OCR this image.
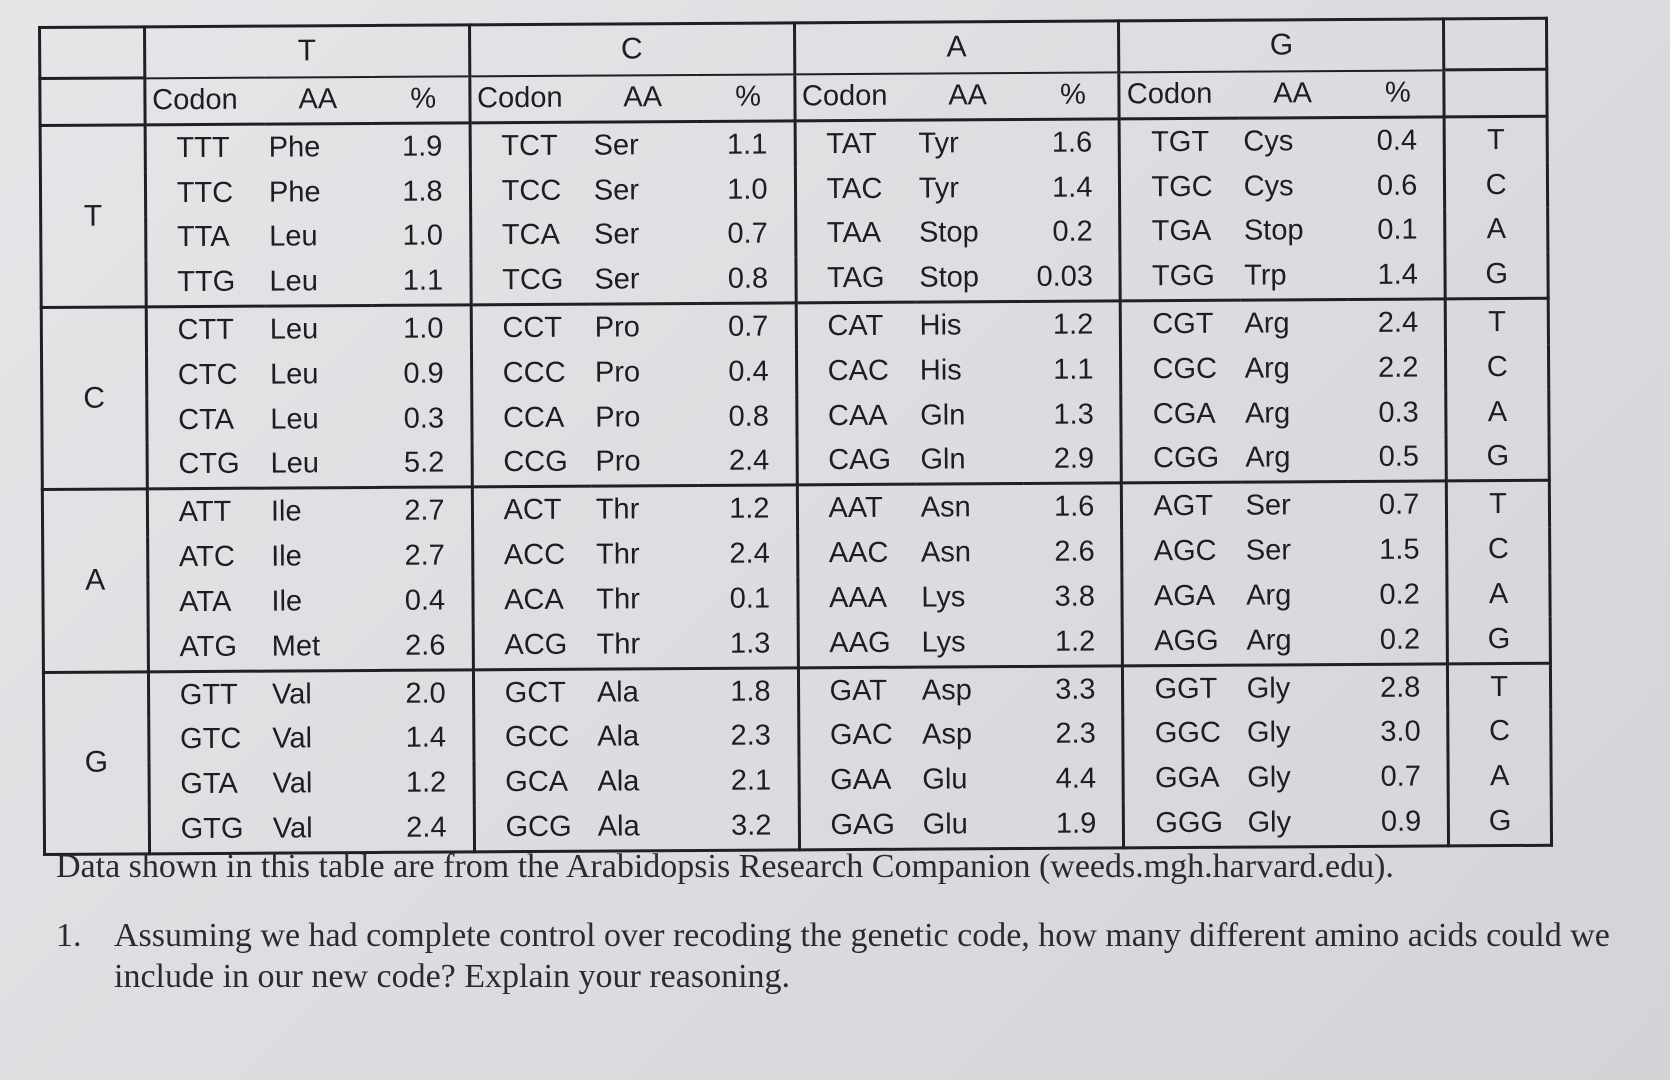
	T			C			A			G			
	Codon	AA	%	Codon	AA	%	Codon	AA	%	Codon	AA	%	
T	TTT	Phe	1.9	TCT	Ser	1.1	TAT	Tyr	1.6	TGT	Cys	0.4	T
	TTC	Phe	1.8	TCC	Ser	1.0	TAC	Tyr	1.4	TGC	Cys	0.6	C
	TTA	Leu	1.0	TCA	Ser	0.7	TAA	Stop	0.2	TGA	Stop	0.1	A
	TTG	Leu	1.1	TCG	Ser	0.8	TAG	Stop	0.03	TGG	Trp	1.4	G
C	CTT	Leu	1.0	CCT	Pro	0.7	CAT	His	1.2	CGT	Arg	2.4	T
	CTC	Leu	0.9	CCC	Pro	0.4	CAC	His	1.1	CGC	Arg	2.2	C
	CTA	Leu	0.3	CCA	Pro	0.8	CAA	Gln	1.3	CGA	Arg	0.3	A
	CTG	Leu	5.2	CCG	Pro	2.4	CAG	Gln	2.9	CGG	Arg	0.5	G
A	ATT	Ile	2.7	ACT	Thr	1.2	AAT	Asn	1.6	AGT	Ser	0.7	T
	ATC	Ile	2.7	ACC	Thr	2.4	AAC	Asn	2.6	AGC	Ser	1.5	C
	ATA	Ile	0.4	ACA	Thr	0.1	AAA	Lys	3.8	AGA	Arg	0.2	A
	ATG	Met	2.6	ACG	Thr	1.3	AAG	Lys	1.2	AGG	Arg	0.2	G
G	GTT	Val	2.0	GCT	Ala	1.8	GAT	Asp	3.3	GGT	Gly	2.8	T
	GTC	Val	1.4	GCC	Ala	2.3	GAC	Asp	2.3	GGC	Gly	3.0	C
	GTA	Val	1.2	GCA	Ala	2.1	GAA	Glu	4.4	GGA	Gly	0.7	A
	GTG	Val	2.4	GCG	Ala	3.2	GAG	Glu	1.9	GGG	Gly	0.9	G
Data shown in this table are from the Arabidopsis Research Companion (weeds.mgh.harvard.edu).
1. Assuming we had complete control over recoding the genetic code, how many different amino acids could we include in our new code? Explain your reasoning.
